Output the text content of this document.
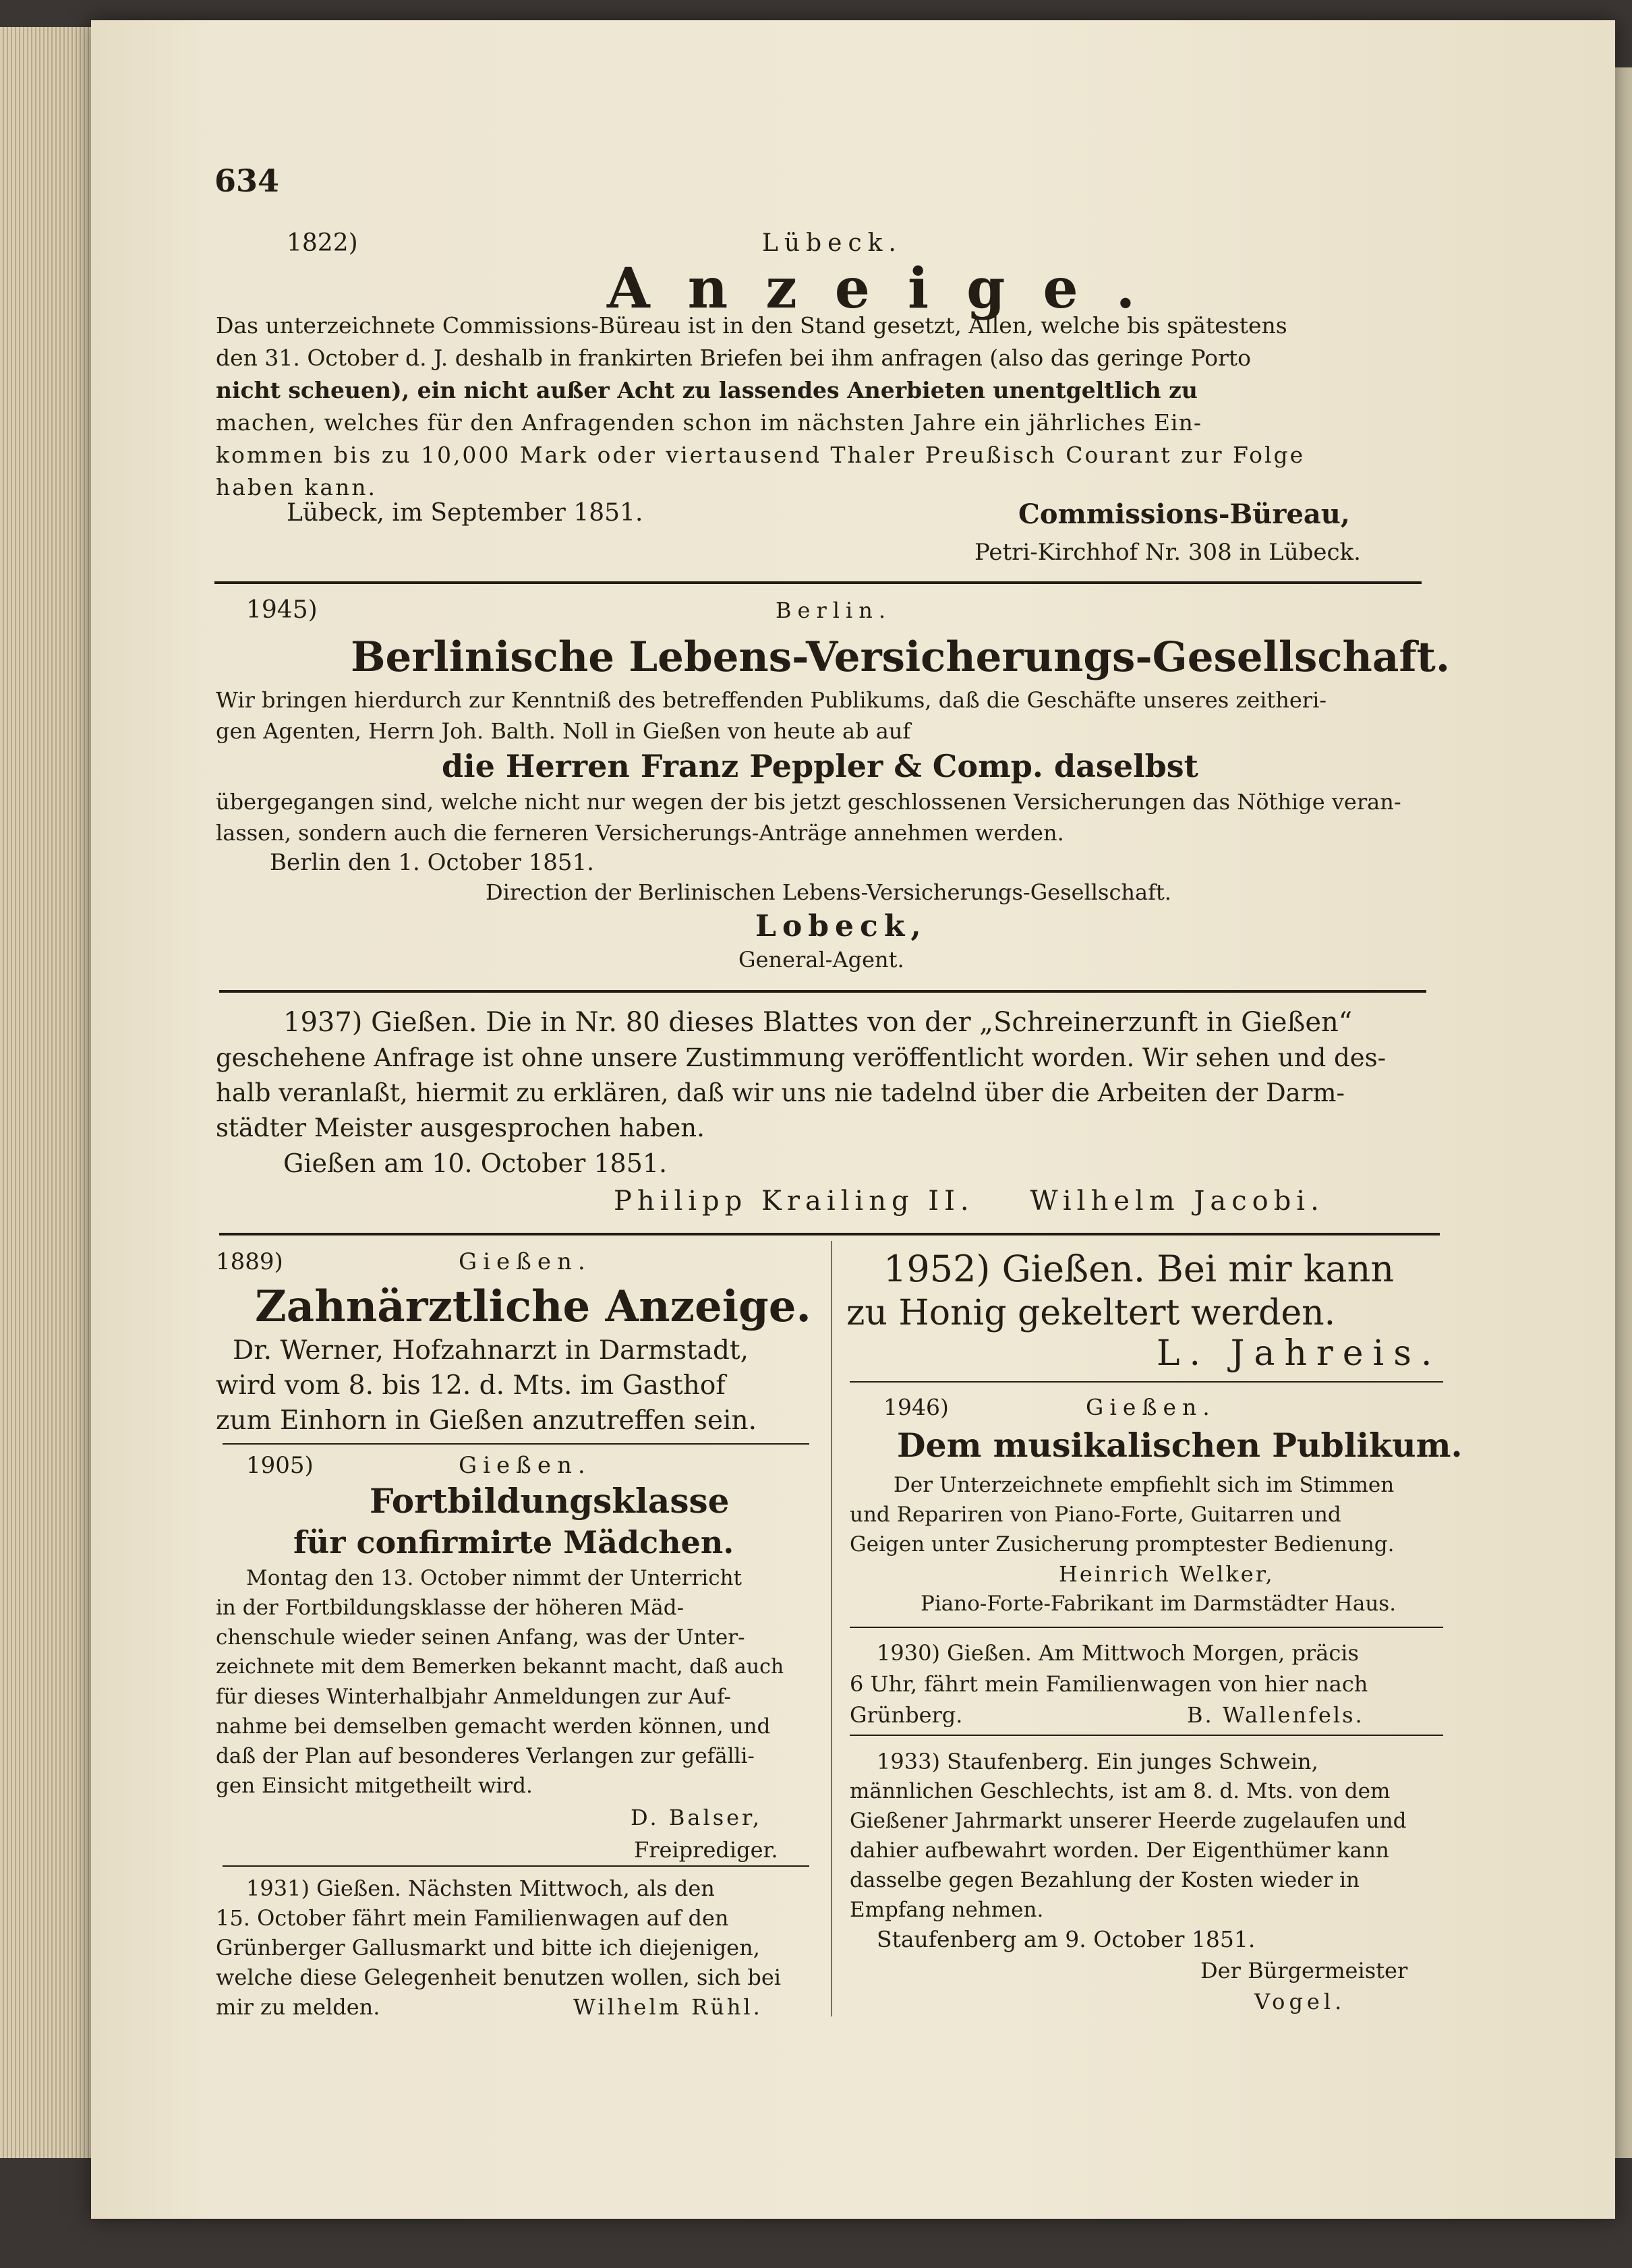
634
1822)	Lübeck.
Anzeige.
Das unterzeichnete Commissions-Büreau ist in den Stand gesetzt, Allen, welche bis spätestens
den 31. October d. J. deshalb in frankirten Briefen bei ihm anfragen (also das geringe Porto
nicht scheuen), ein nicht außer Acht zu lassendes Anerbieten unentgeltlich zu
machen, welches für den Anfragenden schon im nächsten Jahre ein jährliches Ein-
kommen bis zu 10,000 Mark oder viertausend Thaler Preußisch Courant zur Folge
haben kann.
Lübeck, im September 1851.	Commissions-Büreau,
Petri-Kirchhof Nr. 308 in Lübeck.
1945)	Berlin.
Berlinische Lebens-Versicherungs-Gesellschaft.
Wir bringen hierdurch zur Kenntniß des betreffenden Publikums, daß die Geschäfte unseres zeitheri-
gen Agenten, Herrn Joh. Balth. Noll in Gießen von heute ab auf
die Herren Franz Peppler & Comp. daselbst
übergegangen sind, welche nicht nur wegen der bis jetzt geschlossenen Versicherungen das Nöthige veran-
lassen, sondern auch die ferneren Versicherungs-Anträge annehmen werden.
Berlin den 1. October 1851.
Direction der Berlinischen Lebens-Versicherungs-Gesellschaft.
Lobeck,
General-Agent.
1937) Gießen. Die in Nr. 80 dieses Blattes von der „Schreinerzunft in Gießen“
geschehene Anfrage ist ohne unsere Zustimmung veröffentlicht worden. Wir sehen und des-
halb veranlaßt, hiermit zu erklären, daß wir uns nie tadelnd über die Arbeiten der Darm-
städter Meister ausgesprochen haben.
Gießen am 10. October 1851.
Philipp Krailing II.    Wilhelm Jacobi.
1889)	Gießen.
Zahnärztliche Anzeige.
Dr. Werner, Hofzahnarzt in Darmstadt,
wird vom 8. bis 12. d. Mts. im Gasthof
zum Einhorn in Gießen anzutreffen sein.
1905)	Gießen.
Fortbildungsklasse
für confirmirte Mädchen.
Montag den 13. October nimmt der Unterricht
in der Fortbildungsklasse der höheren Mäd-
chenschule wieder seinen Anfang, was der Unter-
zeichnete mit dem Bemerken bekannt macht, daß auch
für dieses Winterhalbjahr Anmeldungen zur Auf-
nahme bei demselben gemacht werden können, und
daß der Plan auf besonderes Verlangen zur gefälli-
gen Einsicht mitgetheilt wird.
D. Balser,
Freiprediger.
1931) Gießen. Nächsten Mittwoch, als den
15. October fährt mein Familienwagen auf den
Grünberger Gallusmarkt und bitte ich diejenigen,
welche diese Gelegenheit benutzen wollen, sich bei
mir zu melden.	Wilhelm Rühl.
1952) Gießen. Bei mir kann
zu Honig gekeltert werden.
L. Jahreis.
1946)	Gießen.
Dem musikalischen Publikum.
Der Unterzeichnete empfiehlt sich im Stimmen
und Repariren von Piano-Forte, Guitarren und
Geigen unter Zusicherung promptester Bedienung.
Heinrich Welker,
Piano-Forte-Fabrikant im Darmstädter Haus.
1930) Gießen. Am Mittwoch Morgen, präcis
6 Uhr, fährt mein Familienwagen von hier nach
Grünberg.	B. Wallenfels.
1933) Staufenberg. Ein junges Schwein,
männlichen Geschlechts, ist am 8. d. Mts. von dem
Gießener Jahrmarkt unserer Heerde zugelaufen und
dahier aufbewahrt worden. Der Eigenthümer kann
dasselbe gegen Bezahlung der Kosten wieder in
Empfang nehmen.
Staufenberg am 9. October 1851.
Der Bürgermeister
Vogel.
